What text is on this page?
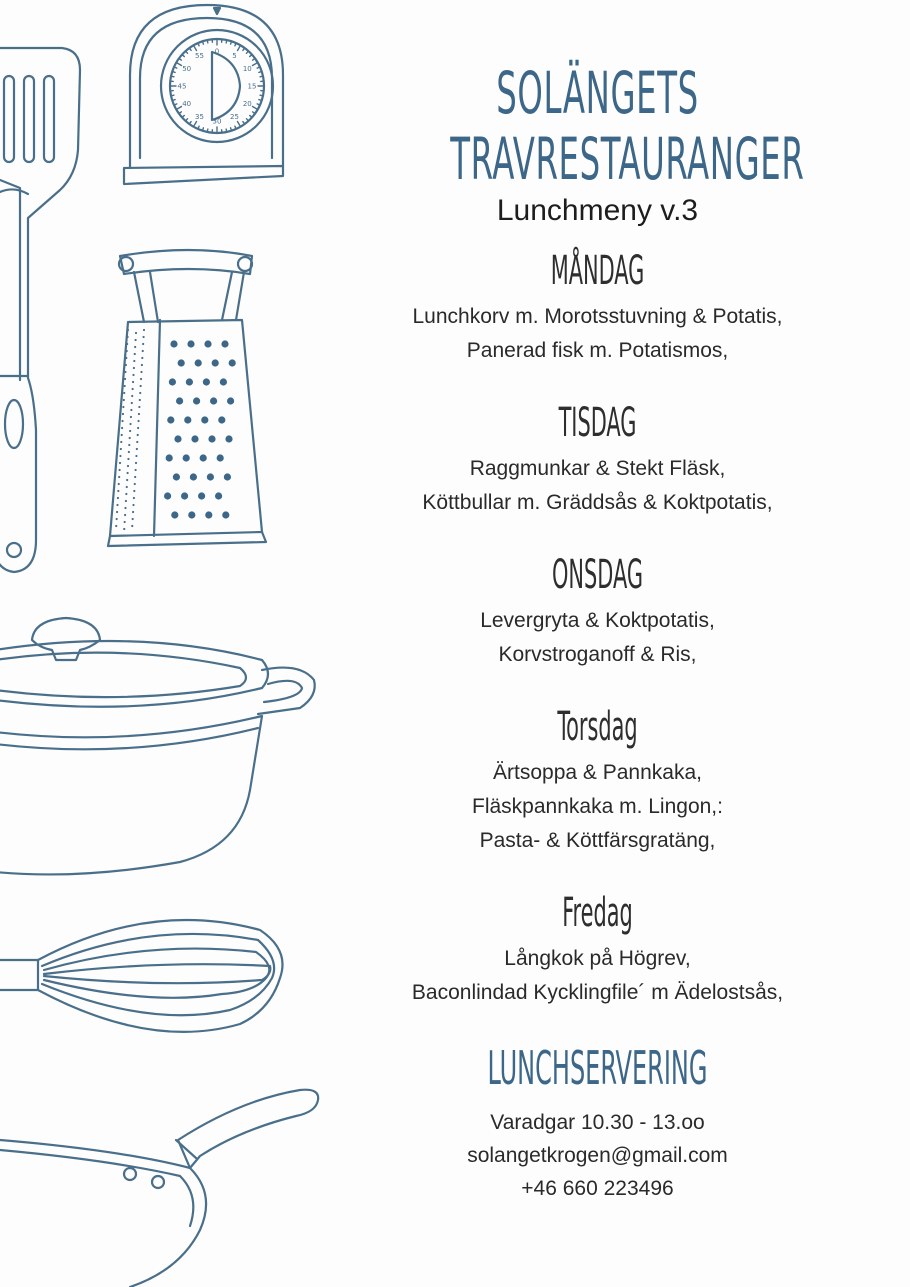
0
5
10
15
20
25
30
35
40
45
50
55
SOLÄNGETS
TRAVRESTAURANGER
Lunchmeny v.3
MÅNDAG
Lunchkorv m. Morotsstuvning & Potatis,
Panerad fisk m. Potatismos,
TISDAG
Raggmunkar & Stekt Fläsk,
Köttbullar m. Gräddsås & Koktpotatis,
ONSDAG
Levergryta & Koktpotatis,
Korvstroganoff & Ris,
Torsdag
Ärtsoppa & Pannkaka,
Fläskpannkaka m. Lingon,:
Pasta- & Köttfärsgratäng,
Fredag
Långkok på Högrev,
Baconlindad Kycklingfile´ m Ädelostsås,
LUNCHSERVERING
Varadgar 10.30 - 13.oo
solangetkrogen@gmail.com
+46 660 223496
